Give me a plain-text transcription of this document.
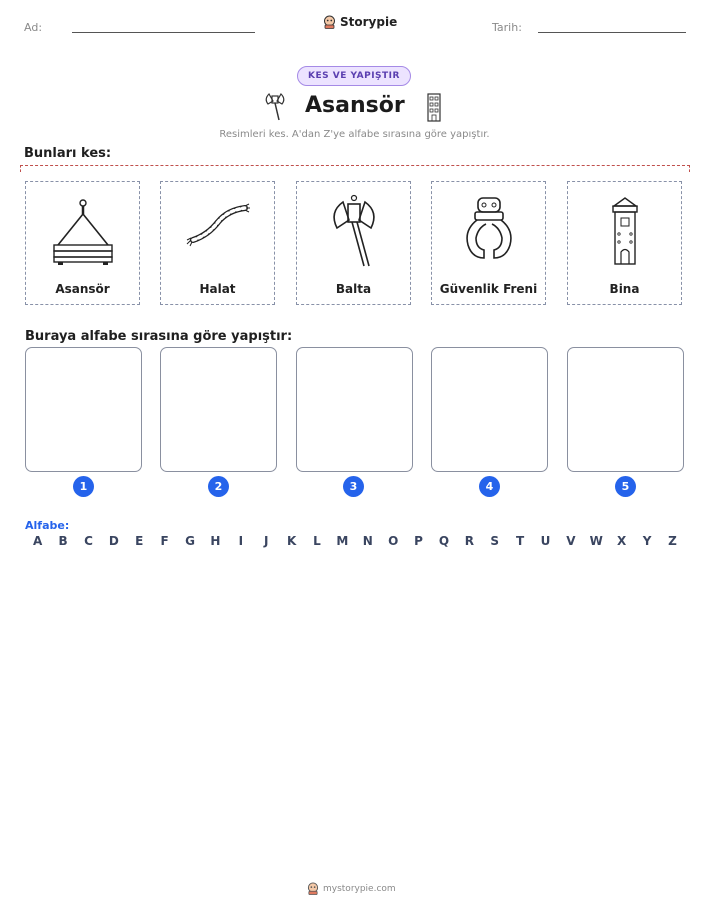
Ad:	Storypie	Tarih:
KES VE YAPIŞTIR
Asansör
Resimleri kes. A'dan Z'ye alfabe sırasına göre yapıştır.
Bunları kes:
Asansör	Halat	Balta	Güvenlik Freni	Bina
Buraya alfabe sırasına göre yapıştır:
1	2	3	4	5
Alfabe:
A	B	C	D	E	F	G	H	I	J	K	L	M	N	O	P	Q	R	S	T	U	V	W	X	Y	Z
mystorypie.com
